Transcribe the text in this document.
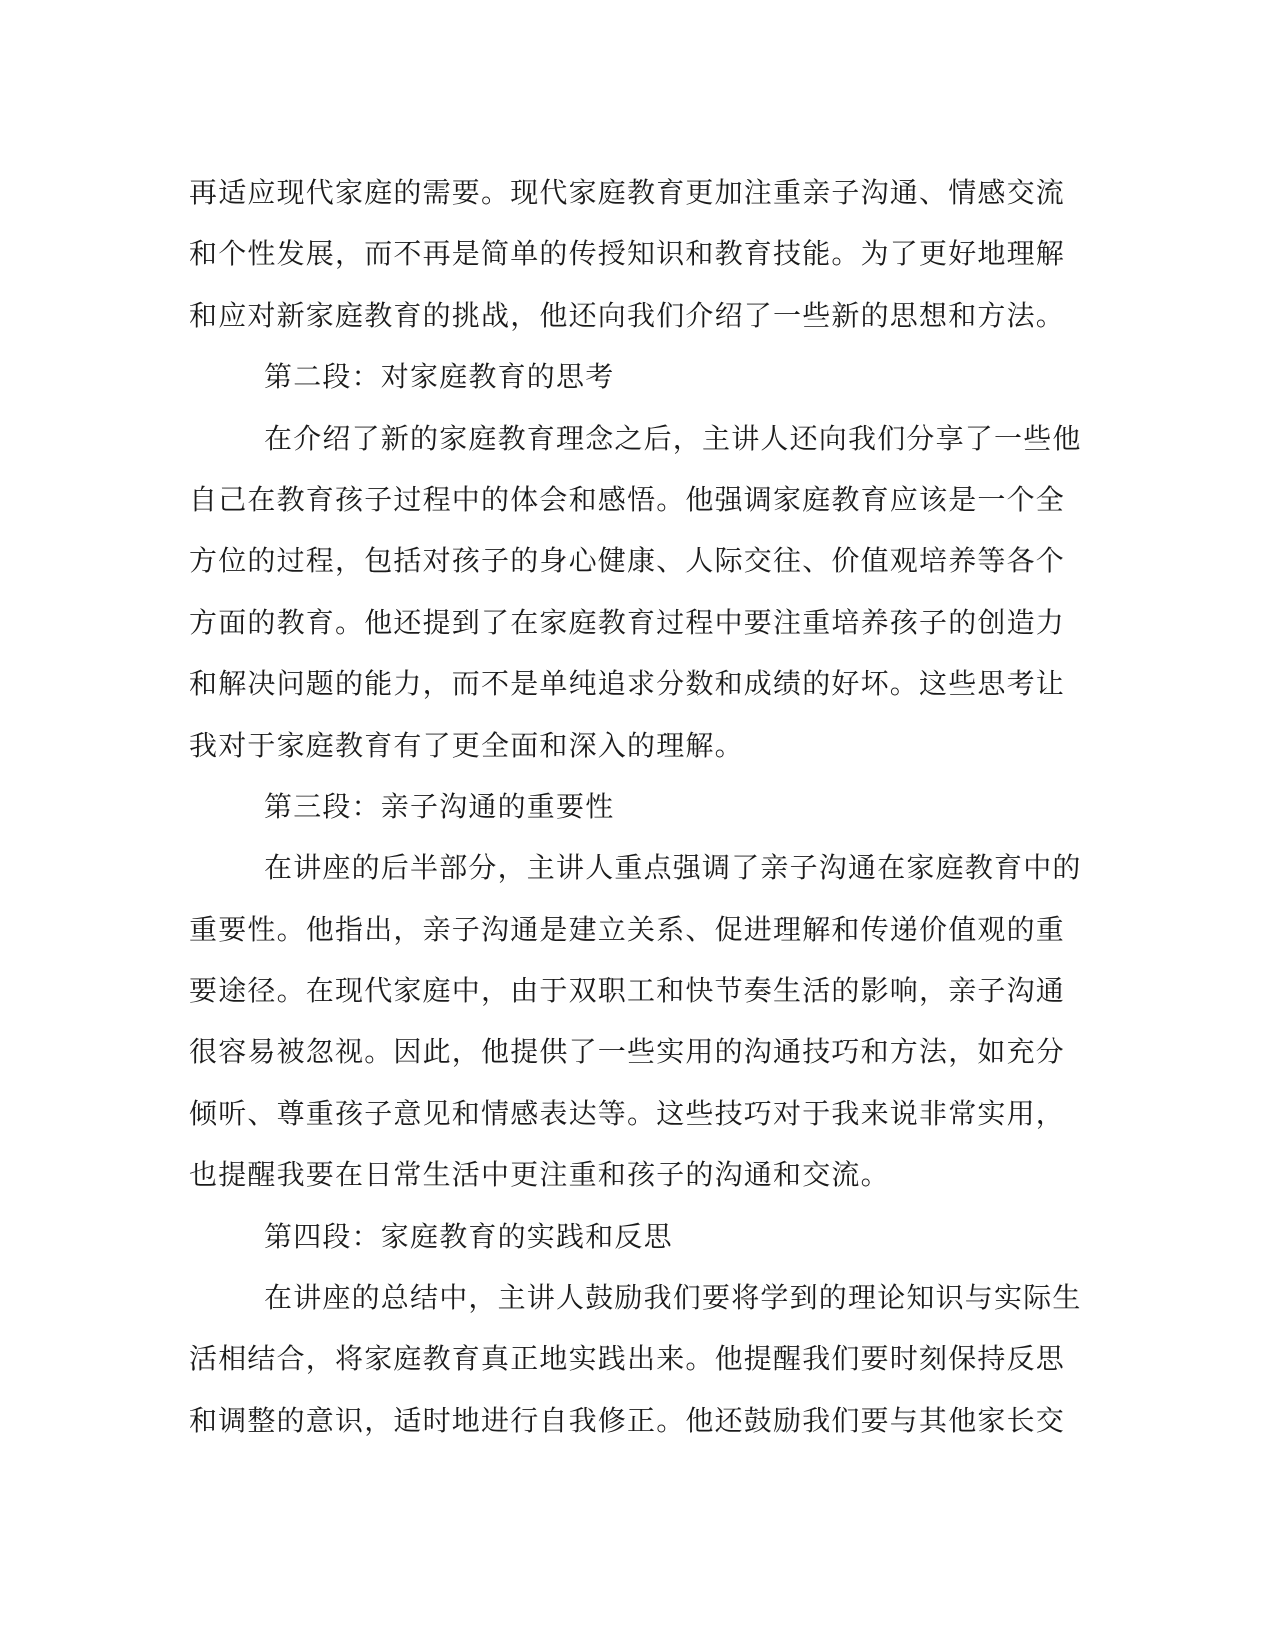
再适应现代家庭的需要。现代家庭教育更加注重亲子沟通、情感交流
和个性发展，而不再是简单的传授知识和教育技能。为了更好地理解
和应对新家庭教育的挑战，他还向我们介绍了一些新的思想和方法。
第二段：对家庭教育的思考
在介绍了新的家庭教育理念之后，主讲人还向我们分享了一些他
自己在教育孩子过程中的体会和感悟。他强调家庭教育应该是一个全
方位的过程，包括对孩子的身心健康、人际交往、价值观培养等各个
方面的教育。他还提到了在家庭教育过程中要注重培养孩子的创造力
和解决问题的能力，而不是单纯追求分数和成绩的好坏。这些思考让
我对于家庭教育有了更全面和深入的理解。
第三段：亲子沟通的重要性
在讲座的后半部分，主讲人重点强调了亲子沟通在家庭教育中的
重要性。他指出，亲子沟通是建立关系、促进理解和传递价值观的重
要途径。在现代家庭中，由于双职工和快节奏生活的影响，亲子沟通
很容易被忽视。因此，他提供了一些实用的沟通技巧和方法，如充分
倾听、尊重孩子意见和情感表达等。这些技巧对于我来说非常实用，
也提醒我要在日常生活中更注重和孩子的沟通和交流。
第四段：家庭教育的实践和反思
在讲座的总结中，主讲人鼓励我们要将学到的理论知识与实际生
活相结合，将家庭教育真正地实践出来。他提醒我们要时刻保持反思
和调整的意识，适时地进行自我修正。他还鼓励我们要与其他家长交
